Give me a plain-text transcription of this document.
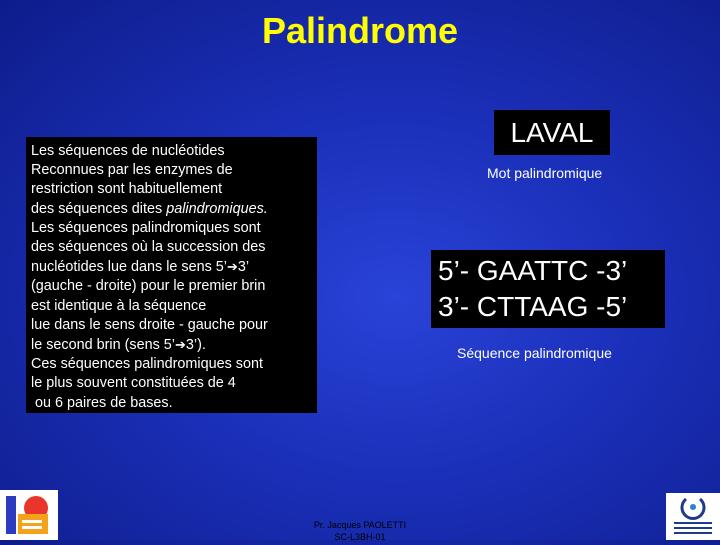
Palindrome
Les séquences de nucléotides
Reconnues par les enzymes de
restriction sont habituellement
des séquences dites palindromiques.
Les séquences palindromiques sont
des séquences où la succession des
nucléotides lue dans le sens 5’➔3’
(gauche - droite) pour le premier brin
est identique à la séquence
lue dans le sens droite - gauche pour
le second brin (sens 5’➔3’).
Ces séquences palindromiques sont
le plus souvent constituées de 4
ou 6 paires de bases.
LAVAL
Mot palindromique
5’- GAATTC -3’
3’- CTTAAG -5’
Séquence palindromique
Pr. Jacques PAOLETTI
SC-L3BH-01
